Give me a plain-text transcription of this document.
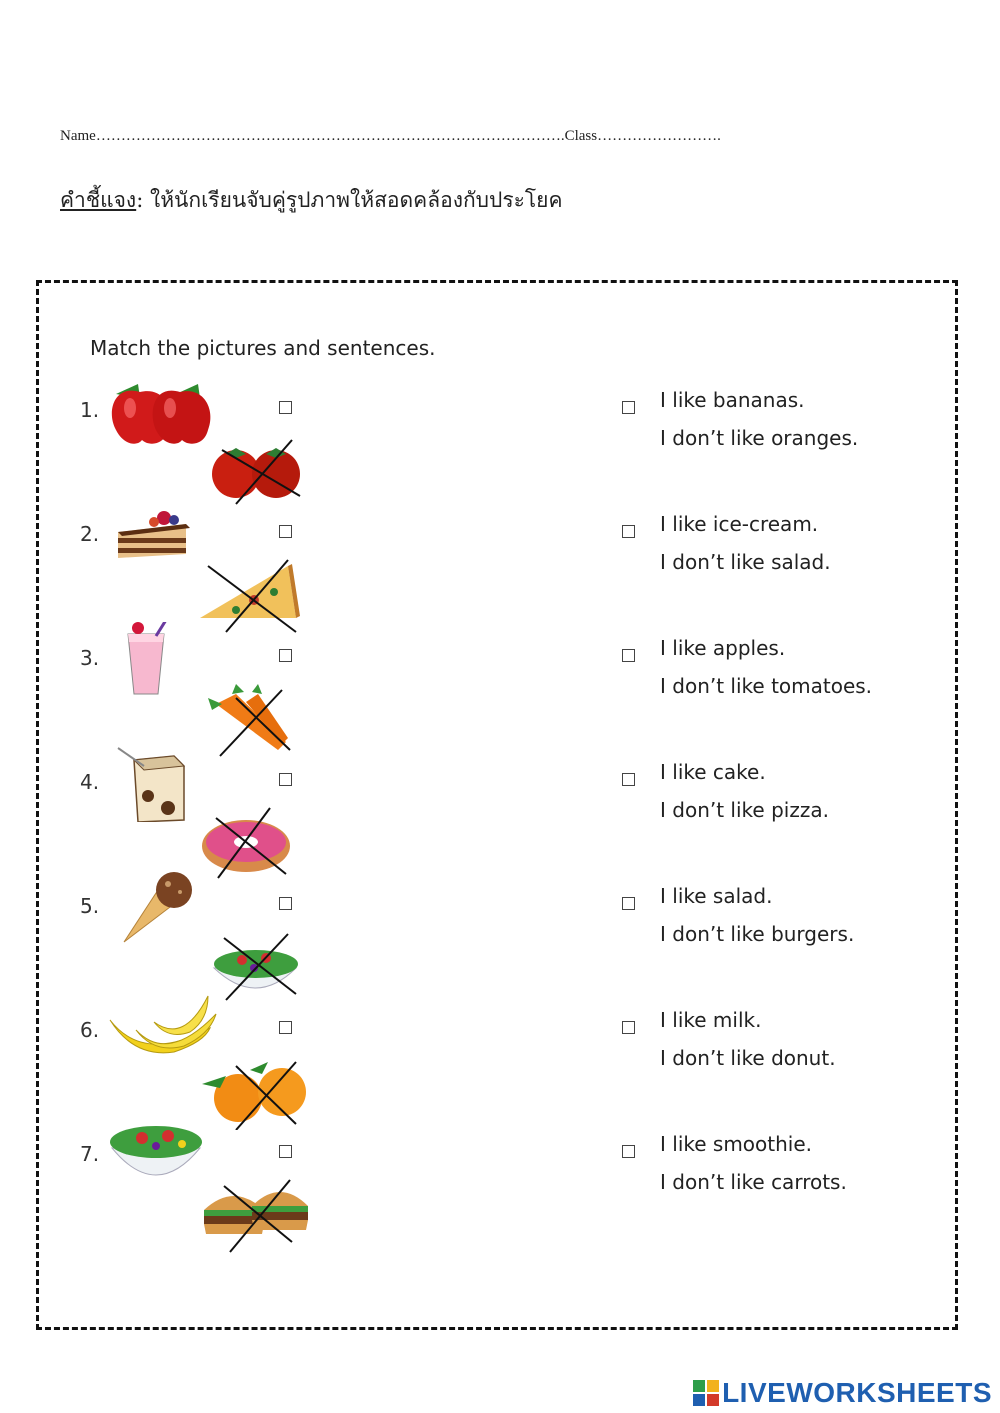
Name………………………………………………………………………………….Class…………………….
คำชี้แจง: ให้นักเรียนจับคู่รูปภาพให้สอดคล้องกับประโยค
Match the pictures and sentences.
1.	I like bananas.
I don’t like oranges.
2.	I like ice-cream.
I don’t like salad.
3.	I like apples.
I don’t like tomatoes.
4.	I like cake.
I don’t like pizza.
5.	I like salad.
I don’t like burgers.
6.	I like milk.
I don’t like donut.
7.	I like smoothie.
I don’t like carrots.
LIVEWORKSHEETS
